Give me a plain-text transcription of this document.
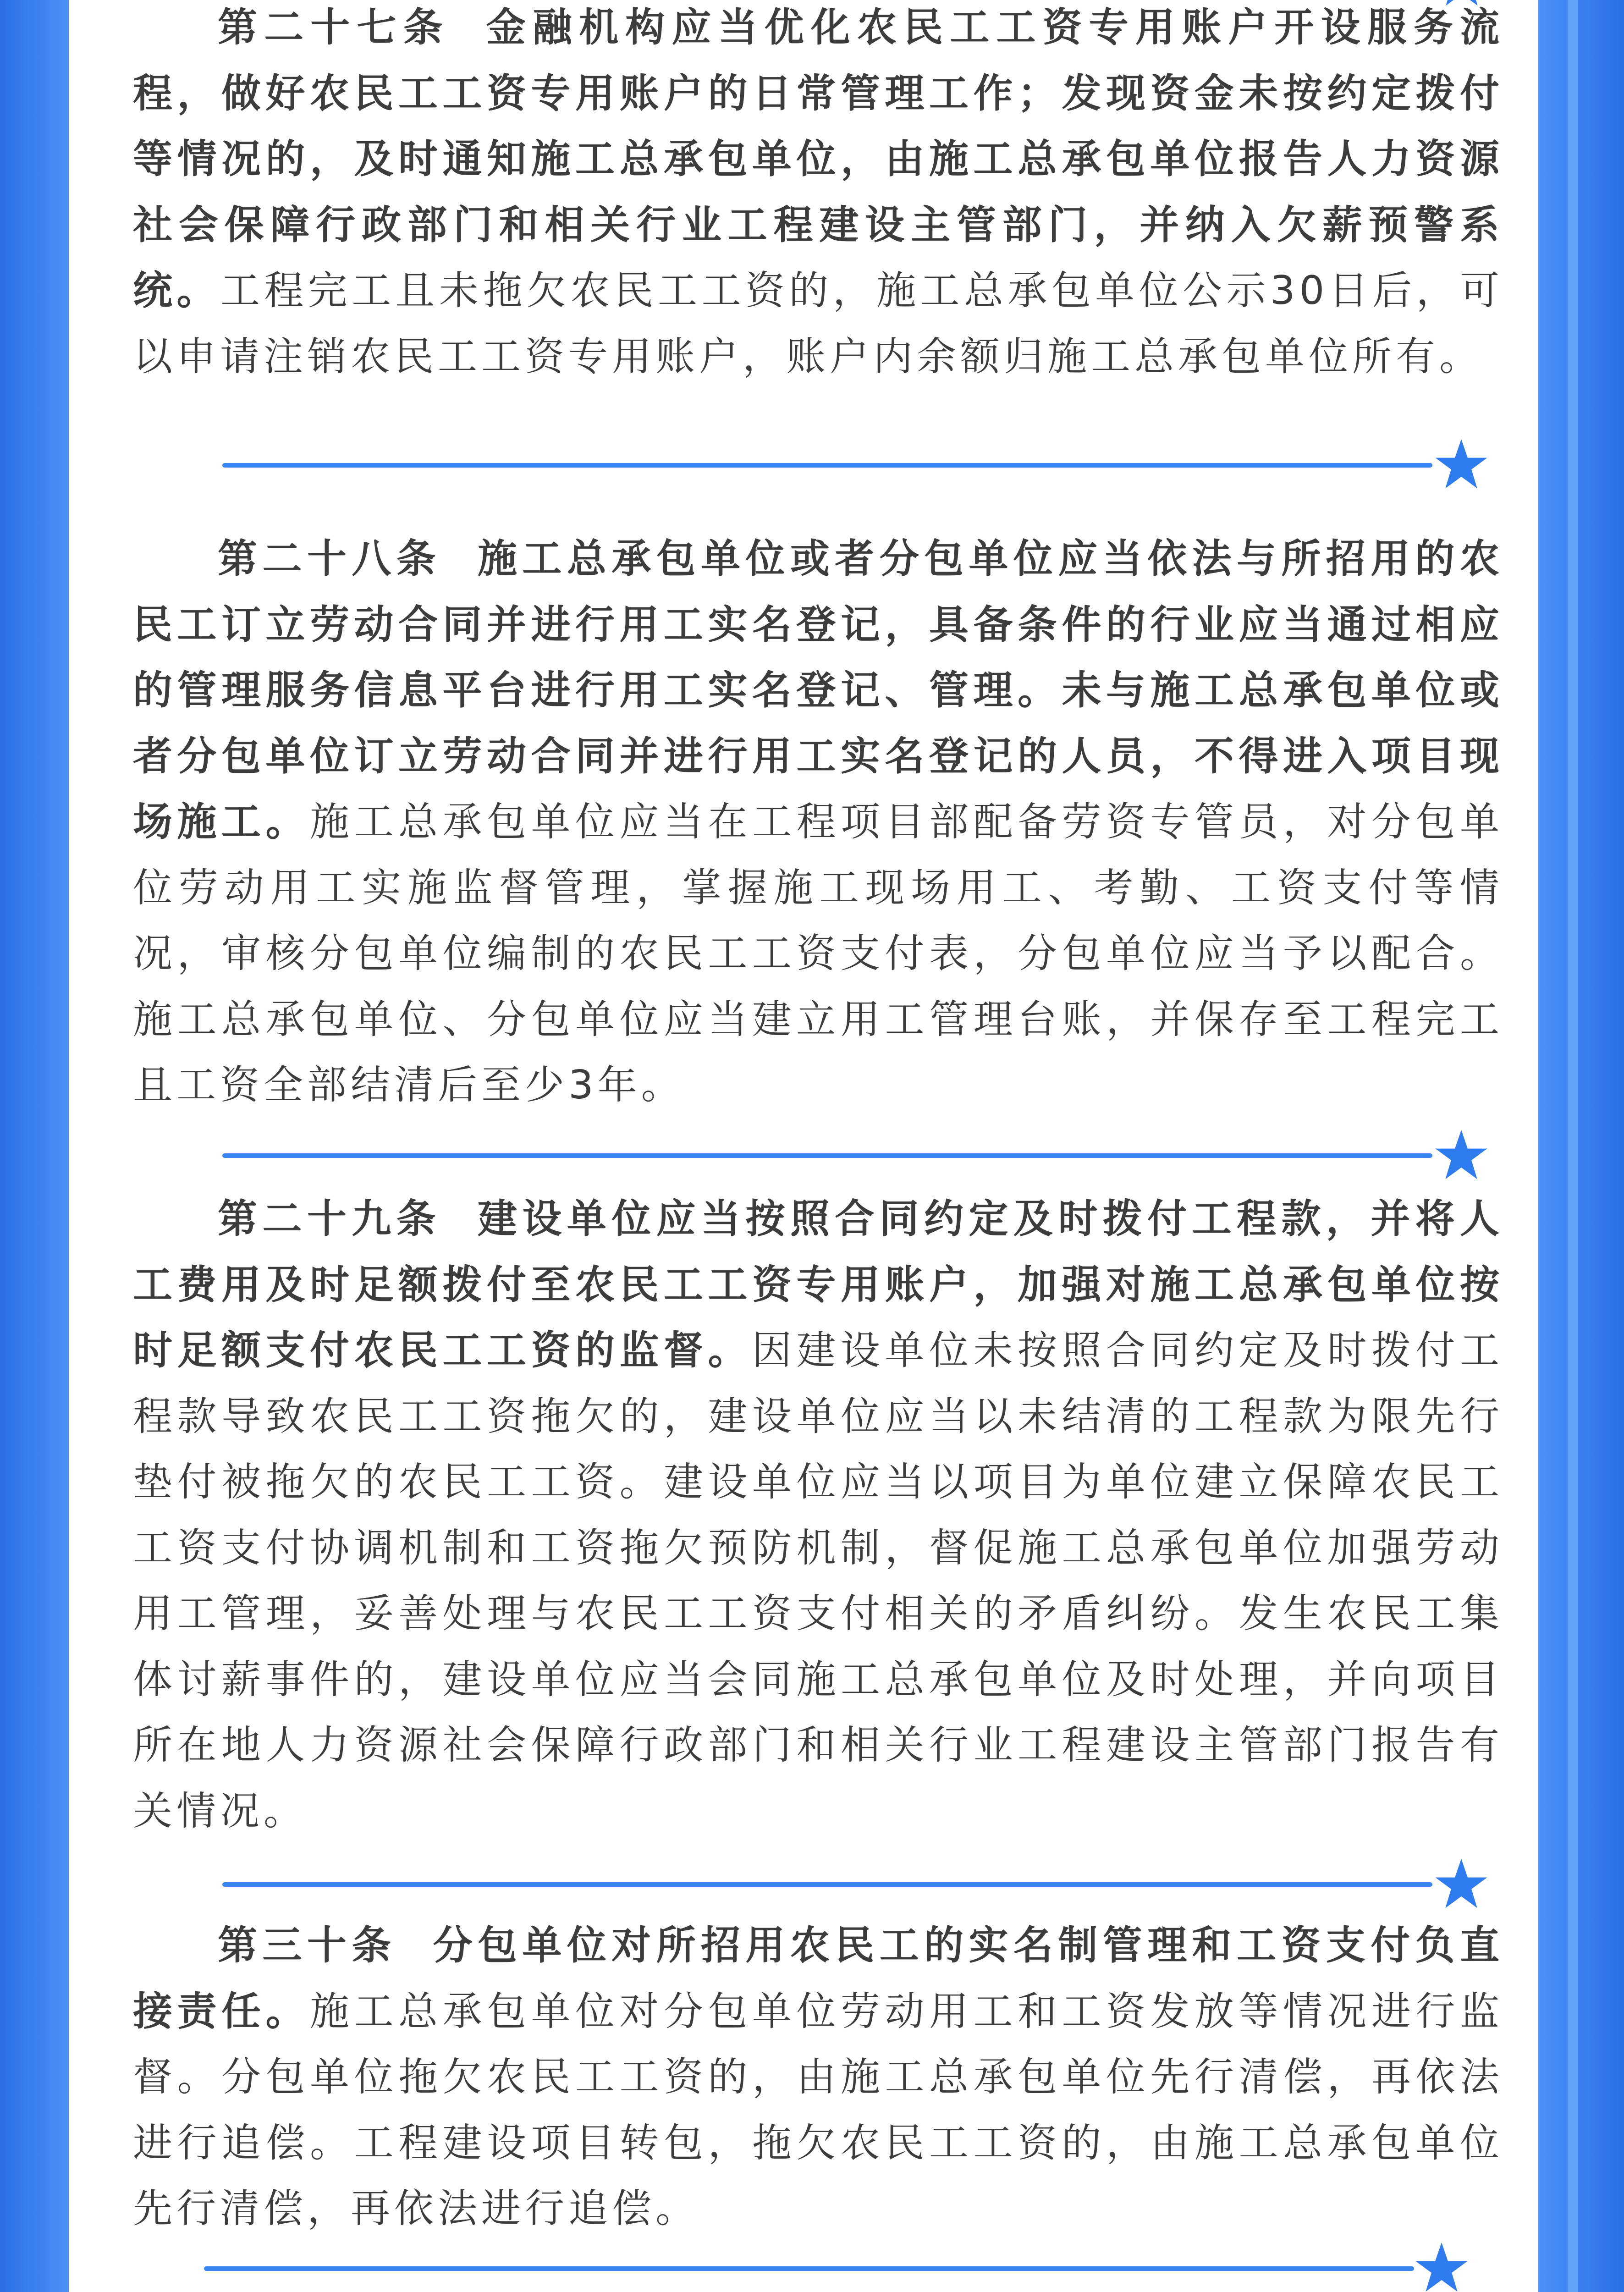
第二十七条 金融机构应当优化农民工工资专用账户开设服务流程，做好农民工工资专用账户的日常管理工作；发现资金未按约定拨付等情况的，及时通知施工总承包单位，由施工总承包单位报告人力资源社会保障行政部门和相关行业工程建设主管部门，并纳入欠薪预警系统。工程完工且未拖欠农民工工资的，施工总承包单位公示30日后，可以申请注销农民工工资专用账户，账户内余额归施工总承包单位所有。

第二十八条 施工总承包单位或者分包单位应当依法与所招用的农民工订立劳动合同并进行用工实名登记，具备条件的行业应当通过相应的管理服务信息平台进行用工实名登记、管理。未与施工总承包单位或者分包单位订立劳动合同并进行用工实名登记的人员，不得进入项目现场施工。施工总承包单位应当在工程项目部配备劳资专管员，对分包单位劳动用工实施监督管理，掌握施工现场用工、考勤、工资支付等情况，审核分包单位编制的农民工工资支付表，分包单位应当予以配合。施工总承包单位、分包单位应当建立用工管理台账，并保存至工程完工且工资全部结清后至少3年。

第二十九条 建设单位应当按照合同约定及时拨付工程款，并将人工费用及时足额拨付至农民工工资专用账户，加强对施工总承包单位按时足额支付农民工工资的监督。因建设单位未按照合同约定及时拨付工程款导致农民工工资拖欠的，建设单位应当以未结清的工程款为限先行垫付被拖欠的农民工工资。建设单位应当以项目为单位建立保障农民工工资支付协调机制和工资拖欠预防机制，督促施工总承包单位加强劳动用工管理，妥善处理与农民工工资支付相关的矛盾纠纷。发生农民工集体讨薪事件的，建设单位应当会同施工总承包单位及时处理，并向项目所在地人力资源社会保障行政部门和相关行业工程建设主管部门报告有关情况。

第三十条 分包单位对所招用农民工的实名制管理和工资支付负直接责任。施工总承包单位对分包单位劳动用工和工资发放等情况进行监督。分包单位拖欠农民工工资的，由施工总承包单位先行清偿，再依法进行追偿。工程建设项目转包，拖欠农民工工资的，由施工总承包单位先行清偿，再依法进行追偿。
